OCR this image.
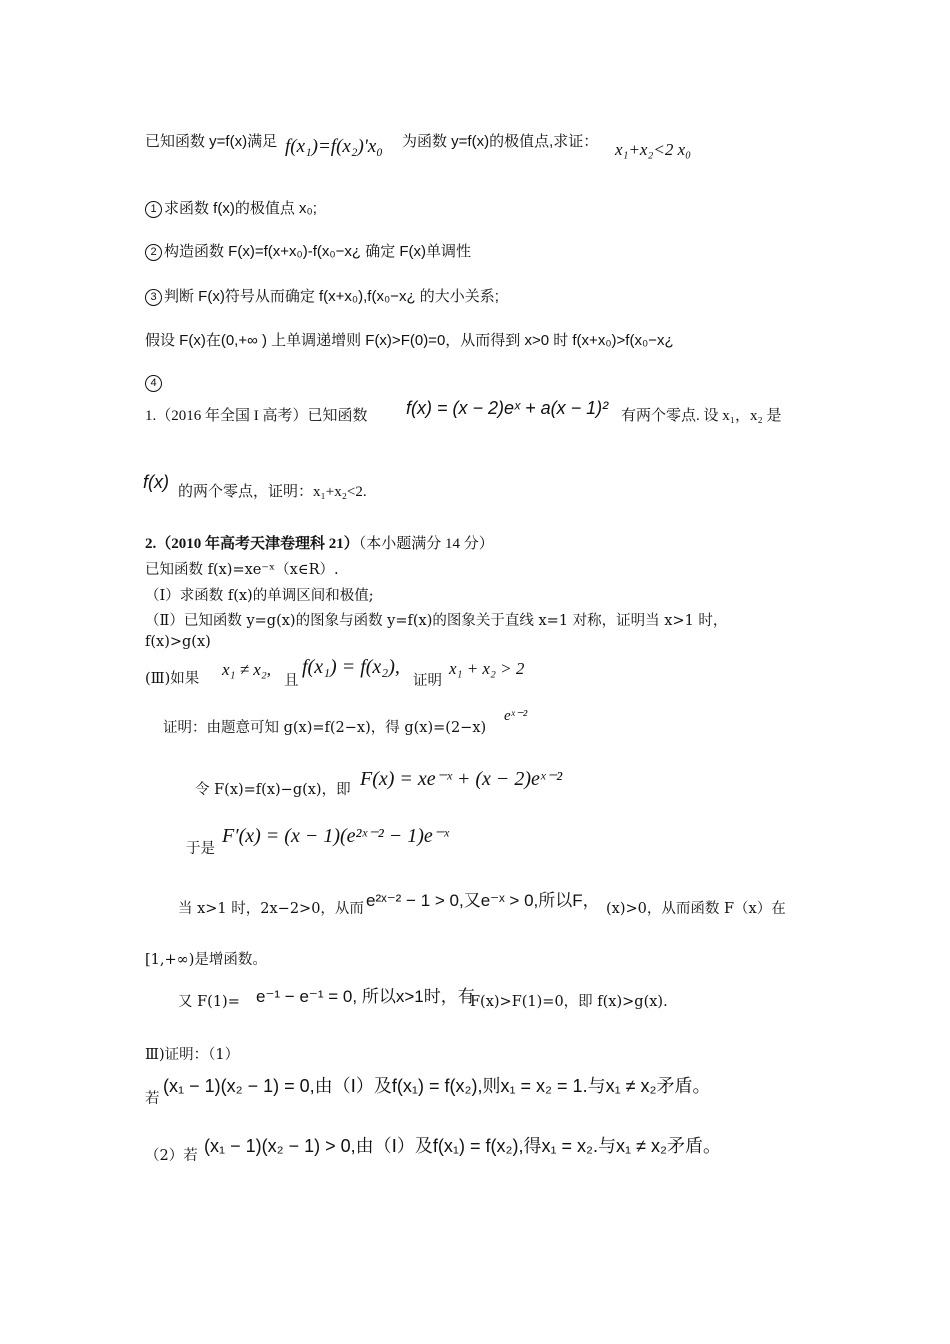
已知函数 y=f(x)满足 f(x₁)=f(x₂)'x₀ 为函数 y=f(x)的极值点,求证： x₁+x₂<2 x₀
1 求函数 f(x)的极值点 x₀;
2 构造函数 F(x)=f(x+x₀)-f(x₀−x¿ 确定 F(x)单调性
3 判断 F(x)符号从而确定 f(x+x₀),f(x₀−x¿ 的大小关系;
假设 F(x)在(0,+∞ ) 上单调递增则 F(x)>F(0)=0，从而得到 x>0 时 f(x+x₀)>f(x₀−x¿
4
1.（2016 年全国 I 高考）已知函数 f(x) = (x − 2)eˣ + a(x − 1)² 有两个零点. 设 x₁，x₂ 是
f(x) 的两个零点，证明：x₁+x₂<2.
2.（2010 年高考天津卷理科 21）（本小题满分 14 分）
已知函数 f(x)=xe⁻ˣ（x∈R）.
（Ⅰ）求函数 f(x)的单调区间和极值;
（Ⅱ）已知函数 y=g(x)的图象与函数 y=f(x)的图象关于直线 x=1 对称，证明当 x>1 时，
f(x)>g(x)
(Ⅲ)如果 x₁ ≠ x₂,
且
f(x₁) = f(x₂),
证明
x₁ + x₂ > 2
证明：由题意可知 g(x)=f(2−x)，得 g(x)=(2−x)
eˣ⁻²
令 F(x)=f(x)−g(x)，即 F(x) = xe⁻ˣ + (x − 2)eˣ⁻²
于是
F′(x) = (x − 1)(e²ˣ⁻² − 1)e⁻ˣ
当 x>1 时，2x−2>0，从而 e²ˣ⁻² − 1 > 0,又e⁻ˣ > 0,所以F， (x)>0，从而函数 F（x）在
[1,+∞)是增函数。
又 F(1)= e⁻¹ − e⁻¹ = 0, 所以x>1时，有
F(x)>F(1)=0，即 f(x)>g(x).
Ⅲ)证明：（1）
若
(x₁ − 1)(x₂ − 1) = 0,由（Ⅰ）及f(x₁) = f(x₂),则x₁ = x₂ = 1.与x₁ ≠ x₂矛盾。
（2）若 (x₁ − 1)(x₂ − 1) > 0,由（Ⅰ）及f(x₁) = f(x₂),得x₁ = x₂.与x₁ ≠ x₂矛盾。
